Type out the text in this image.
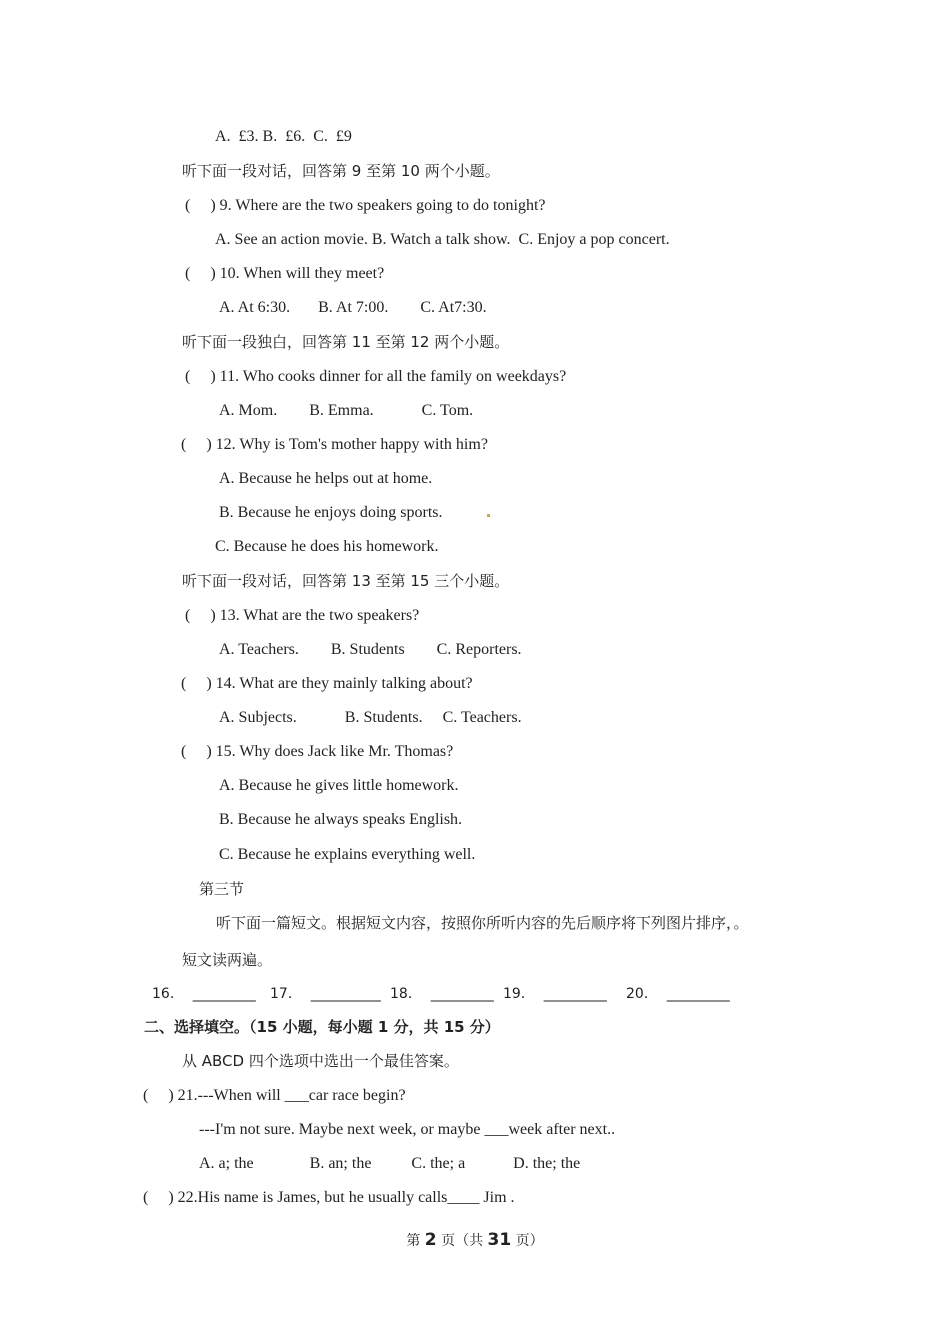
A.  £3. B.  £6.  C.  £9
听下面一段对话，回答第 9 至第 10 两个小题。
(     ) 9. Where are the two speakers going to do tonight?
A. See an action movie. B. Watch a talk show.  C. Enjoy a pop concert.
(     ) 10. When will they meet?
A. At 6:30.       B. At 7:00.        C. At7:30.
听下面一段独白，回答第 11 至第 12 两个小题。
(     ) 11. Who cooks dinner for all the family on weekdays?
A. Mom.        B. Emma.            C. Tom.
(     ) 12. Why is Tom's mother happy with him?
A. Because he helps out at home.
B. Because he enjoys doing sports.
C. Because he does his homework.
听下面一段对话，回答第 13 至第 15 三个小题。
(     ) 13. What are the two speakers?
A. Teachers.        B. Students        C. Reporters.
(     ) 14. What are they mainly talking about?
A. Subjects.            B. Students.     C. Teachers.
(     ) 15. Why does Jack like Mr. Thomas?
A. Because he gives little homework.
B. Because he always speaks English.
C. Because he explains everything well.
第三节
听下面一篇短文。根据短文内容，按照你所听内容的先后顺序将下列图片排序，。
短文读两遍。
16．  _________ 17．  __________ 18．  _________ 19．  _________ 20．  _________
二、选择填空。（15 小题，每小题 1 分，共 15 分）
从 ABCD 四个选项中选出一个最佳答案。
(     ) 21.---When will ___car race begin?
---I'm not sure. Maybe next week, or maybe ___week after next..
A. a; the              B. an; the          C. the; a            D. the; the
(     ) 22.His name is James, but he usually calls____ Jim .
第 2 页（共 31 页）
